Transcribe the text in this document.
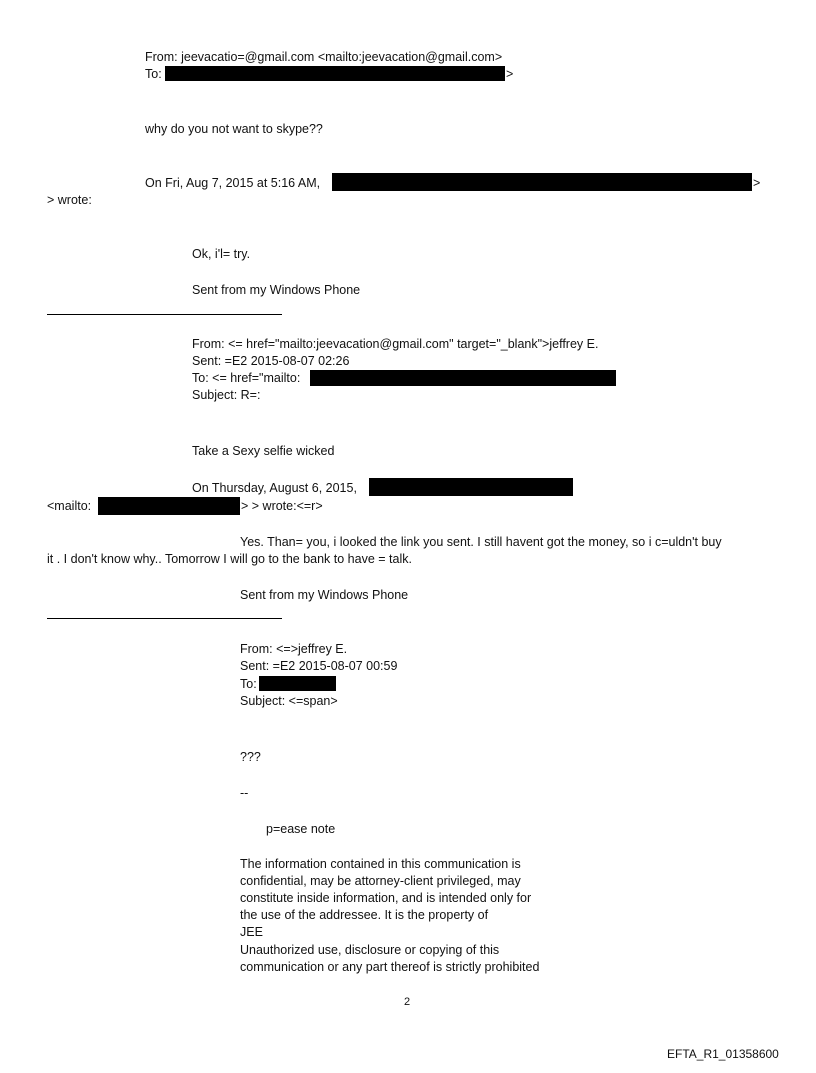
From: jeevacatio=@gmail.com <mailto:jeevacation@gmail.com>
To:	>
why do you not want to skype??
On Fri, Aug 7, 2015 at 5:16 AM,	>
> wrote:
Ok, i'l= try.
Sent from my Windows Phone
From: <= href="mailto:jeevacation@gmail.com" target="_blank">jeffrey E.
Sent: =E2 2015-08-07 02:26
To: <= href="mailto:
Subject: R=:
Take a Sexy selfie wicked
On Thursday, August 6, 2015,
<mailto:	> > wrote:<=r>
Yes. Than= you, i looked the link you sent. I still havent got the money, so i c=uldn't buy
it . I don't know why.. Tomorrow I will go to the bank to have = talk.
Sent from my Windows Phone
From: <=>jeffrey E.
Sent: =E2 2015-08-07 00:59
To:
Subject: <=span>
???
--
p=ease note
The information contained in this communication is
confidential, may be attorney-client privileged, may
constitute inside information, and is intended only for
the use of the addressee. It is the property of
JEE
Unauthorized use, disclosure or copying of this
communication or any part thereof is strictly prohibited
2
EFTA_R1_01358600
